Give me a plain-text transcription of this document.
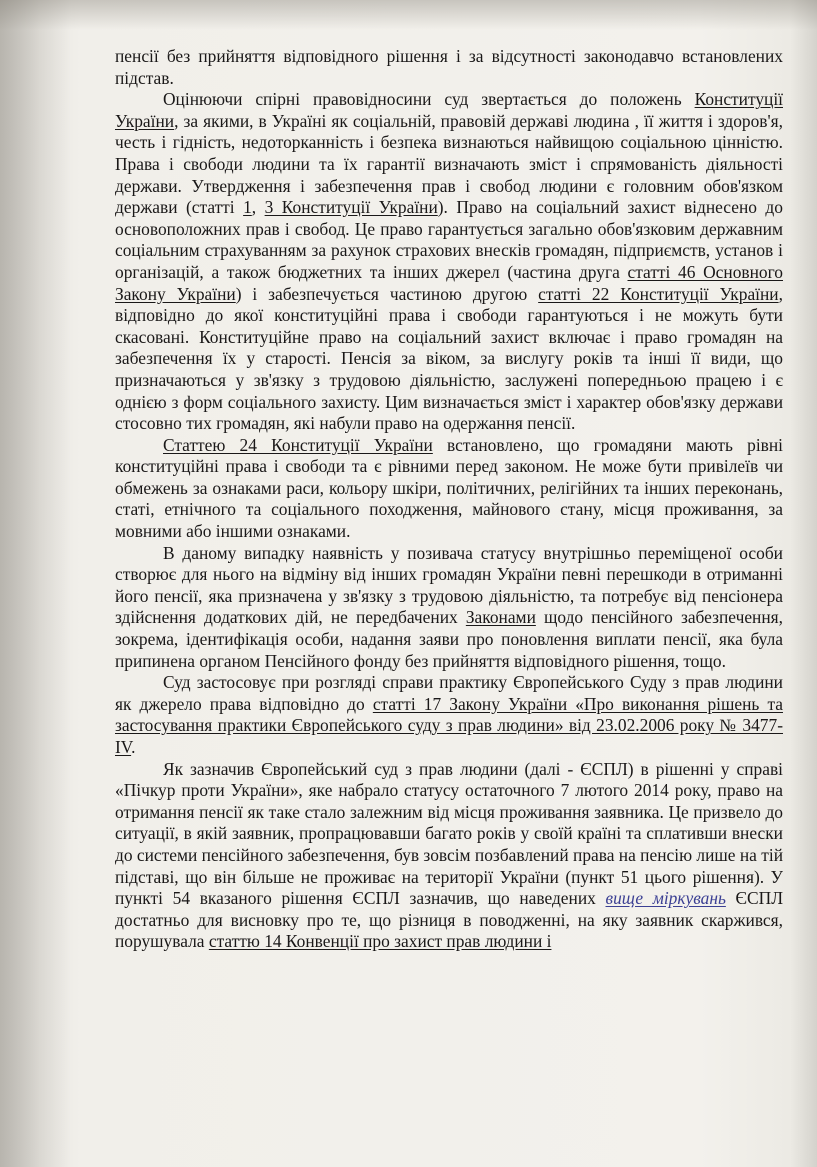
пенсії без прийняття відповідного рішення і за відсутності законодавчо встановлених підстав.

Оцінюючи спірні правовідносини суд звертається до положень Конституції України, за якими, в Україні як соціальній, правовій державі людина , її життя і здоров'я, честь і гідність, недоторканність і безпека визнаються найвищою соціальною цінністю. Права і свободи людини та їх гарантії визначають зміст і спрямованість діяльності держави. Утвердження і забезпечення прав і свобод людини є головним обов'язком держави (статті 1, 3 Конституції України). Право на соціальний захист віднесено до основоположних прав і свобод. Це право гарантується загально обов'язковим державним соціальним страхуванням за рахунок страхових внесків громадян, підприємств, установ і організацій, а також бюджетних та інших джерел (частина друга статті 46 Основного Закону України) і забезпечується частиною другою статті 22 Конституції України, відповідно до якої конституційні права і свободи гарантуються і не можуть бути скасовані. Конституційне право на соціальний захист включає і право громадян на забезпечення їх у старості. Пенсія за віком, за вислугу років та інші її види, що призначаються у зв'язку з трудовою діяльністю, заслужені попередньою працею і є однією з форм соціального захисту. Цим визначається зміст і характер обов'язку держави стосовно тих громадян, які набули право на одержання пенсії.

Статтею 24 Конституції України встановлено, що громадяни мають рівні конституційні права і свободи та є рівними перед законом. Не може бути привілеїв чи обмежень за ознаками раси, кольору шкіри, політичних, релігійних та інших переконань, статі, етнічного та соціального походження, майнового стану, місця проживання, за мовними або іншими ознаками.

В даному випадку наявність у позивача статусу внутрішньо переміщеної особи створює для нього на відміну від інших громадян України певні перешкоди в отриманні його пенсії, яка призначена у зв'язку з трудовою діяльністю, та потребує від пенсіонера здійснення додаткових дій, не передбачених Законами щодо пенсійного забезпечення, зокрема, ідентифікація особи, надання заяви про поновлення виплати пенсії, яка була припинена органом Пенсійного фонду без прийняття відповідного рішення, тощо.

Суд застосовує при розгляді справи практику Європейського Суду з прав людини як джерело права відповідно до статті 17 Закону України «Про виконання рішень та застосування практики Європейського суду з прав людини» від 23.02.2006 року № 3477-IV.

Як зазначив Європейський суд з прав людини (далі - ЄСПЛ) в рішенні у справі «Пічкур проти України», яке набрало статусу остаточного 7 лютого 2014 року, право на отримання пенсії як таке стало залежним від місця проживання заявника. Це призвело до ситуації, в якій заявник, пропрацювавши багато років у своїй країні та сплативши внески до системи пенсійного забезпечення, був зовсім позбавлений права на пенсію лише на тій підставі, що він більше не проживає на території України (пункт 51 цього рішення). У пункті 54 вказаного рішення ЄСПЛ зазначив, що наведених вище міркувань ЄСПЛ достатньо для висновку про те, що різниця в поводженні, на яку заявник скаржився, порушувала статтю 14 Конвенції про захист прав людини і
